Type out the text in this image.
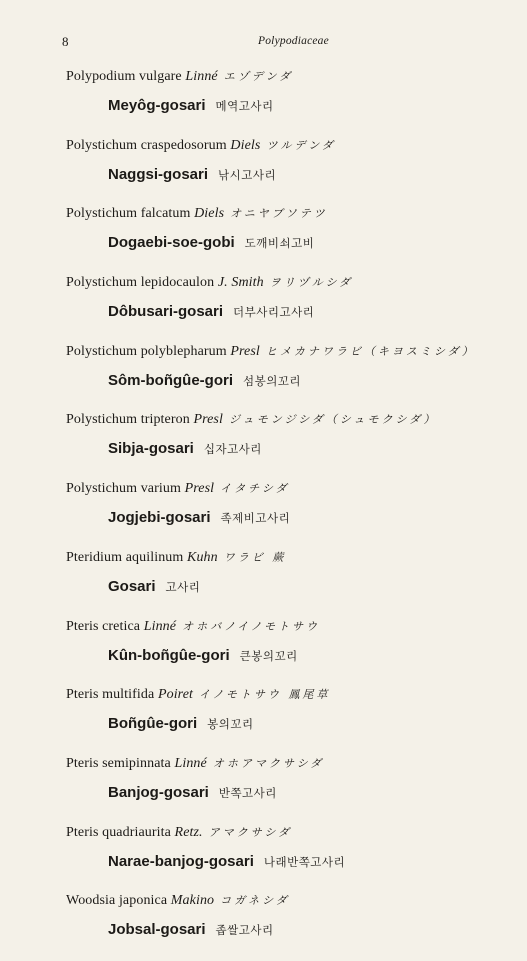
8	Polypodiaceae
Polypodium vulgare Linné エゾデンダ
Meyôg-gosari 메역고사리
Polystichum craspedosorum Diels ツルデンダ
Naggsi-gosari 낚시고사리
Polystichum falcatum Diels オニヤブソテツ
Dogaebi-soe-gobi 도깨비쇠고비
Polystichum lepidocaulon J. Smith ヲリヅルシダ
Dôbusari-gosari 더부사리고사리
Polystichum polyblepharum Presl ヒメカナワラビ（キヨスミシダ）
Sôm-boñgûe-gori 섬봉의꼬리
Polystichum tripteron Presl ジュモンジシダ（シュモクシダ）
Sibja-gosari 십자고사리
Polystichum varium Presl イタチシダ
Jogjebi-gosari 족제비고사리
Pteridium aquilinum Kuhn ワラビ 蕨
Gosari 고사리
Pteris cretica Linné オホバノイノモトサウ
Kûn-boñgûe-gori 큰봉의꼬리
Pteris multifida Poiret イノモトサウ 鳳尾草
Boñgûe-gori 봉의꼬리
Pteris semipinnata Linné オホアマクサシダ
Banjog-gosari 반쪽고사리
Pteris quadriaurita Retz. アマクサシダ
Narae-banjog-gosari 나래반쪽고사리
Woodsia japonica Makino コガネシダ
Jobsal-gosari 좁쌀고사리
